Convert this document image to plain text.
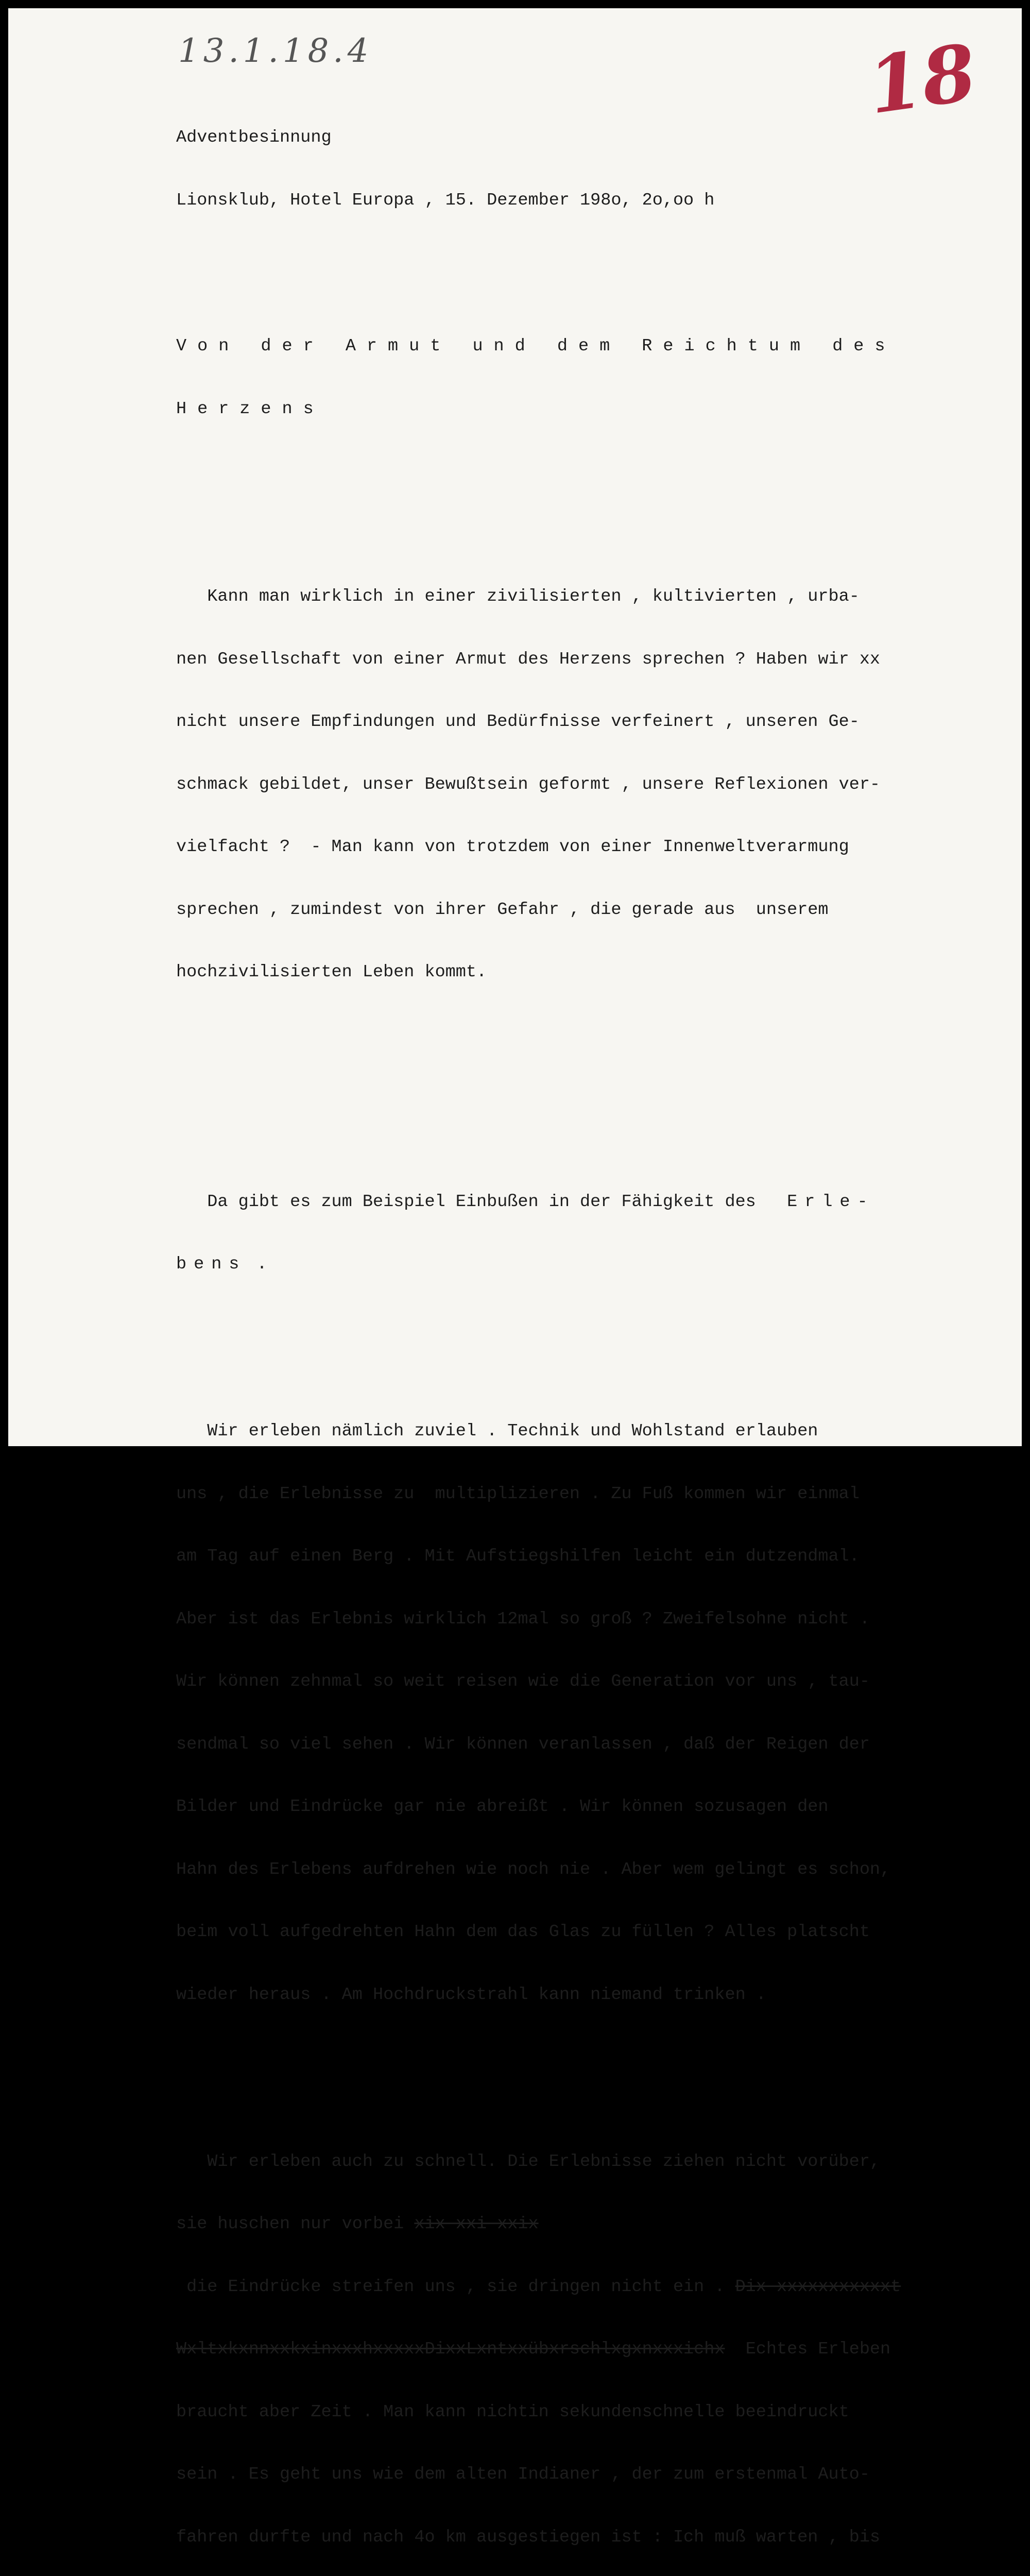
13.1.18.4	18

Adventbesinnung

Lionsklub, Hotel Europa , 15. Dezember 198o, 2o,oo h

Von der Armut und dem Reichtum des

Herzens

Kann man wirklich in einer zivilisierten , kultivierten , urba-

nen Gesellschaft von einer Armut des Herzens sprechen ? Haben wir xx

nicht unsere Empfindungen und Bedürfnisse verfeinert , unseren Ge-

schmack gebildet, unser Bewußtsein geformt , unsere Reflexionen ver-

vielfacht ?  - Man kann von trotzdem von einer Innenweltverarmung

sprechen , zumindest von ihrer Gefahr , die gerade aus  unserem

hochzivilisierten Leben kommt.

Da gibt es zum Beispiel Einbußen in der Fähigkeit des Erle-

bens .

Wir erleben nämlich zuviel . Technik und Wohlstand erlauben

uns , die Erlebnisse zu  multiplizieren . Zu Fuß kommen wir einmal

am Tag auf einen Berg . Mit Aufstiegshilfen leicht ein dutzendmal.

Aber ist das Erlebnis wirklich 12mal so groß ? Zweifelsohne nicht .

Wir können zehnmal so weit reisen wie die Generation vor uns , tau-

sendmal so viel sehen . Wir können veranlassen , daß der Reigen der

Bilder und Eindrücke gar nie abreißt . Wir können sozusagen den

Hahn des Erlebens aufdrehen wie noch nie . Aber wem gelingt es schon,

beim voll aufgedrehten Hahn dem das Glas zu füllen ? Alles platscht

wieder heraus . Am Hochdruckstrahl kann niemand trinken .

Wir erleben auch zu schnell. Die Erlebnisse ziehen nicht vorüber,

sie huschen nur vorbei xix xxi xxix

die Eindrücke streifen uns , sie dringen nicht ein . Dix xxxxxxxxxxxt

WxltxkxnnxxkxinxxxhxxxxxDixxLxntxxübxrschlxgxnxxxichx  Echtes Erleben

braucht aber Zeit . Man kann nichtin sekundenschnelle beeindruckt

sein . Es geht uns wie dem alten Indianer , der zum erstenmal Auto-

fahren durfte und nach 4o km ausgestiegen ist : Ich muß warten , bis
